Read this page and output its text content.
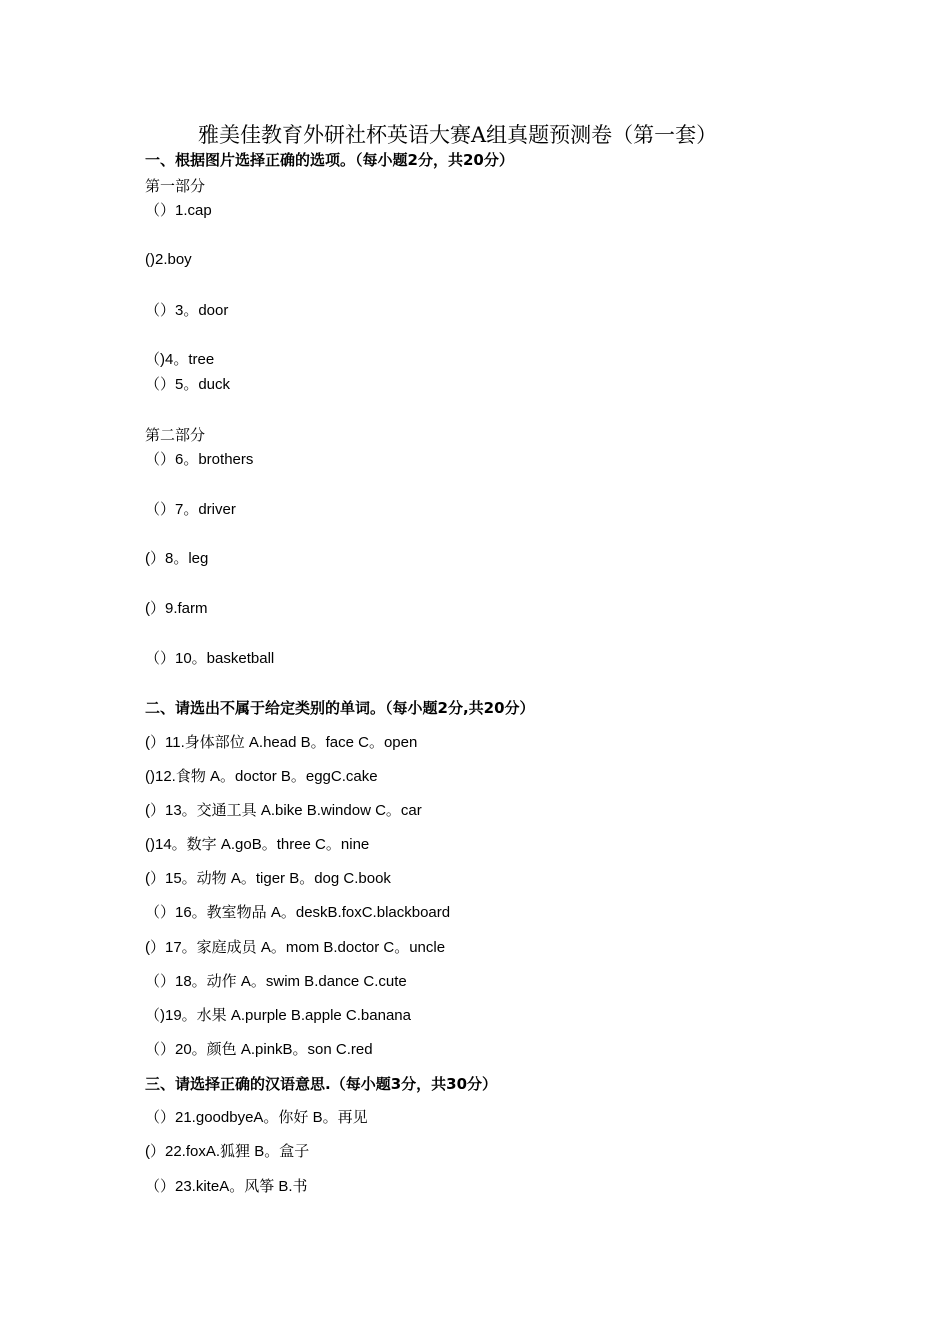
雅美佳教育外研社杯英语大赛A组真题预测卷（第一套）
一、根据图片选择正确的选项。（每小题2分，共20分）
第一部分
（）1.cap
()2.boy
（）3。door
（)4。tree
（）5。duck
第二部分
（）6。brothers
（）7。driver
(）8。leg
(）9.farm
（）10。basketball
二、请选出不属于给定类别的单词。（每小题2分,共20分）
(）11.身体部位 A.head B。face C。open
()12.食物 A。doctor B。eggC.cake
(）13。交通工具 A.bike B.window C。car
()14。数字 A.goB。three C。nine
(）15。动物 A。tiger B。dog C.book
（）16。教室物品 A。deskB.foxC.blackboard
(）17。家庭成员 A。mom B.doctor C。uncle
（）18。动作 A。swim B.dance C.cute
（)19。水果 A.purple B.apple C.banana
（）20。颜色 A.pinkB。son C.red
三、请选择正确的汉语意思.（每小题3分，共30分）
（）21.goodbyeA。你好 B。再见
(）22.foxA.狐狸 B。盒子
（）23.kiteA。风筝 B.书
